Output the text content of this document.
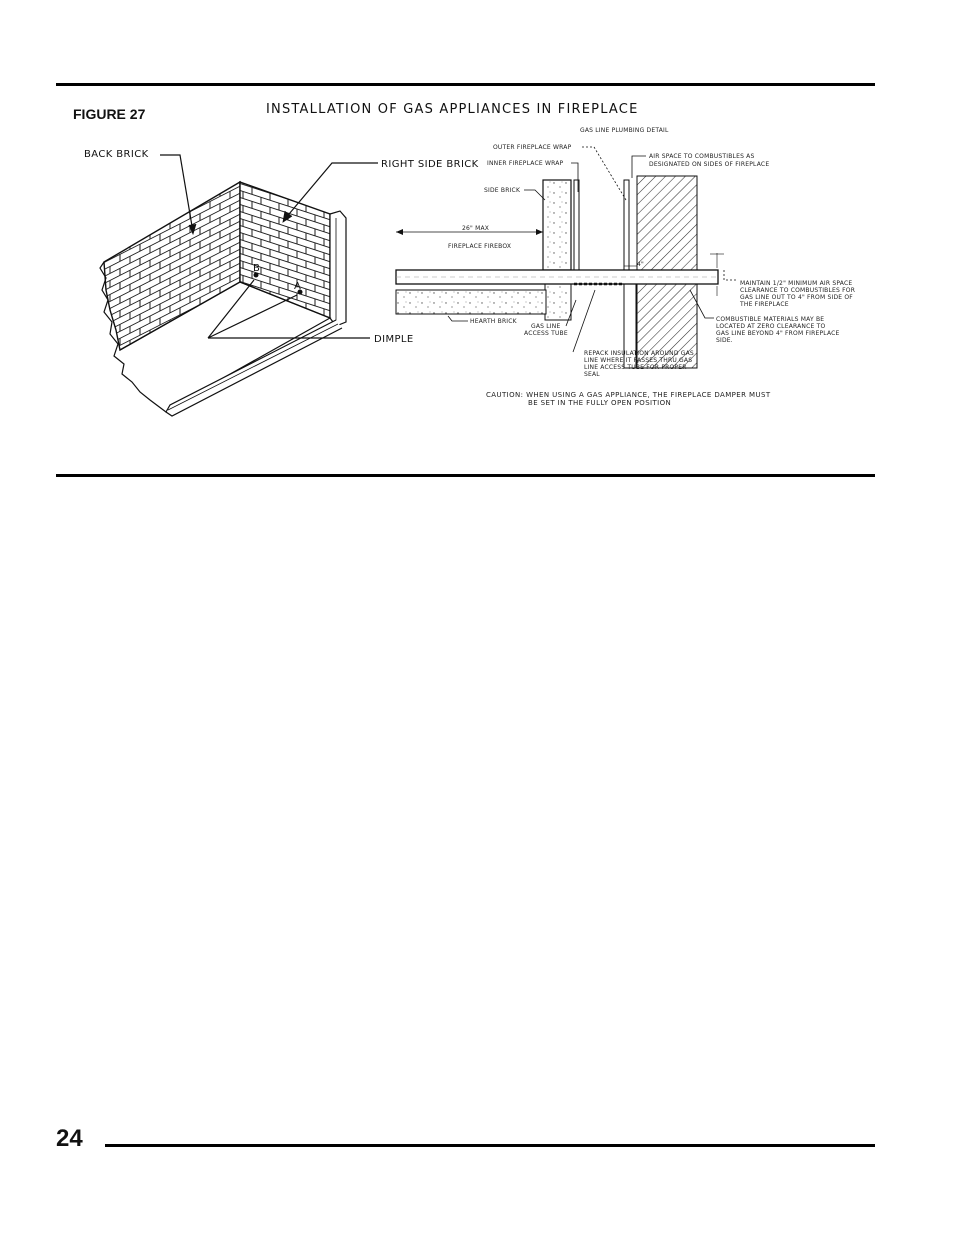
FIGURE 27	INSTALLATION OF GAS APPLIANCES IN FIREPLACE
24
B
A
BACK BRICK
RIGHT SIDE BRICK
DIMPLE
GAS LINE PLUMBING DETAIL
26" MAX
FIREPLACE FIREBOX
OUTER FIREPLACE WRAP
INNER FIREPLACE WRAP
SIDE BRICK
AIR SPACE TO COMBUSTIBLES AS
DESIGNATED ON SIDES OF FIREPLACE
4"
MAINTAIN 1/2" MINIMUM AIR SPACE
CLEARANCE TO COMBUSTIBLES FOR
GAS LINE OUT TO 4" FROM SIDE OF
THE FIREPLACE
COMBUSTIBLE MATERIALS MAY BE
LOCATED AT ZERO CLEARANCE TO
GAS LINE BEYOND 4" FROM FIREPLACE
SIDE.
HEARTH BRICK
GAS LINE
ACCESS TUBE
REPACK INSULATION AROUND GAS
LINE WHERE IT PASSES THRU GAS
LINE ACCESS TUBE FOR PROPER
SEAL
CAUTION: WHEN USING A GAS APPLIANCE, THE FIREPLACE DAMPER MUST
BE SET IN THE FULLY OPEN POSITION
